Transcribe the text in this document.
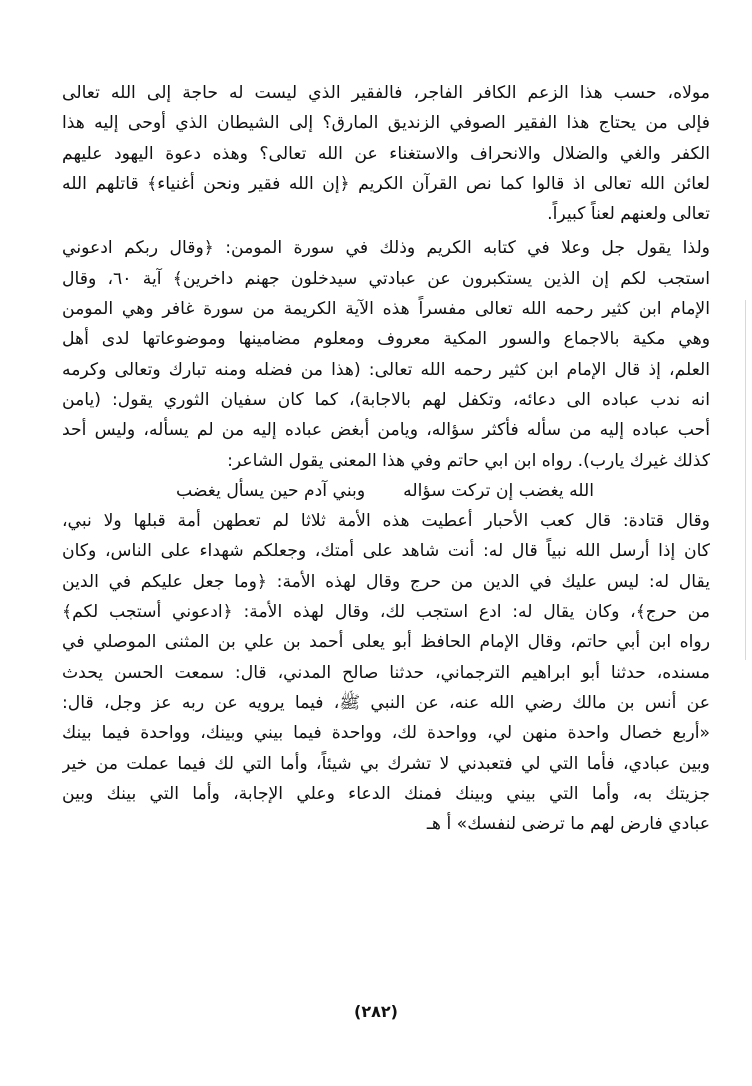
مولاه، حسب هذا الزعم الكافر الفاجر، فالفقير الذي ليست له حاجة إلى الله تعالى
فإلى من يحتاج هذا الفقير الصوفي الزنديق المارق؟ إلى الشيطان الذي أوحى إليه هذا
الكفر والغي والضلال والانحراف والاستغناء عن الله تعالى؟ وهذه دعوة اليهود عليهم
لعائن الله تعالى اذ قالوا كما نص القرآن الكريم ﴿إن الله فقير ونحن أغنياء﴾ قاتلهم الله
تعالى ولعنهم لعناً كبيراً.
ولذا يقول جل وعلا في كتابه الكريم وذلك في سورة المومن: ﴿وقال ربكم ادعوني
استجب لكم إن الذين يستكبرون عن عبادتي سيدخلون جهنم داخرين﴾ آية ٦٠، وقال
الإمام ابن كثير رحمه الله تعالى مفسراً هذه الآية الكريمة من سورة غافر وهي المومن
وهي مكية بالاجماع والسور المكية معروف ومعلوم مضامينها وموضوعاتها لدى أهل
العلم، إذ قال الإمام ابن كثير رحمه الله تعالى: (هذا من فضله ومنه تبارك وتعالى وكرمه
انه ندب عباده الى دعائه، وتكفل لهم بالاجابة)، كما كان سفيان الثوري يقول: (يامن
أحب عباده إليه من سأله فأكثر سؤاله، ويامن أبغض عباده إليه من لم يسأله، وليس أحد
كذلك غيرك يارب). رواه ابن ابي حاتم وفي هذا المعنى يقول الشاعر:
الله يغضب إن تركت سؤاله
وبني آدم حين يسأل يغضب
وقال قتادة: قال كعب الأحبار أعطيت هذه الأمة ثلاثا لم تعطهن أمة قبلها ولا نبي،
كان إذا أرسل الله نبياً قال له: أنت شاهد على أمتك، وجعلكم شهداء على الناس، وكان
يقال له: ليس عليك في الدين من حرج وقال لهذه الأمة: ﴿وما جعل عليكم في الدين
من حرج﴾، وكان يقال له: ادع استجب لك، وقال لهذه الأمة: ﴿ادعوني أستجب لكم﴾
رواه ابن أبي حاتم، وقال الإمام الحافظ أبو يعلى أحمد بن علي بن المثنى الموصلي في
مسنده، حدثنا أبو ابراهيم الترجماني، حدثنا صالح المدني، قال: سمعت الحسن يحدث
عن أنس بن مالك رضي الله عنه، عن النبي ﷺ، فيما يرويه عن ربه عز وجل، قال:
«أربع خصال واحدة منهن لي، وواحدة لك، وواحدة فيما بيني وبينك، وواحدة فيما بينك
وبين عبادي، فأما التي لي فتعبدني لا تشرك بي شيئاً، وأما التي لك فيما عملت من خير
جزيتك به، وأما التي بيني وبينك فمنك الدعاء وعلي الإجابة، وأما التي بينك وبين
عبادي فارض لهم ما ترضى لنفسك» أ هـ
(٢٨٢)
